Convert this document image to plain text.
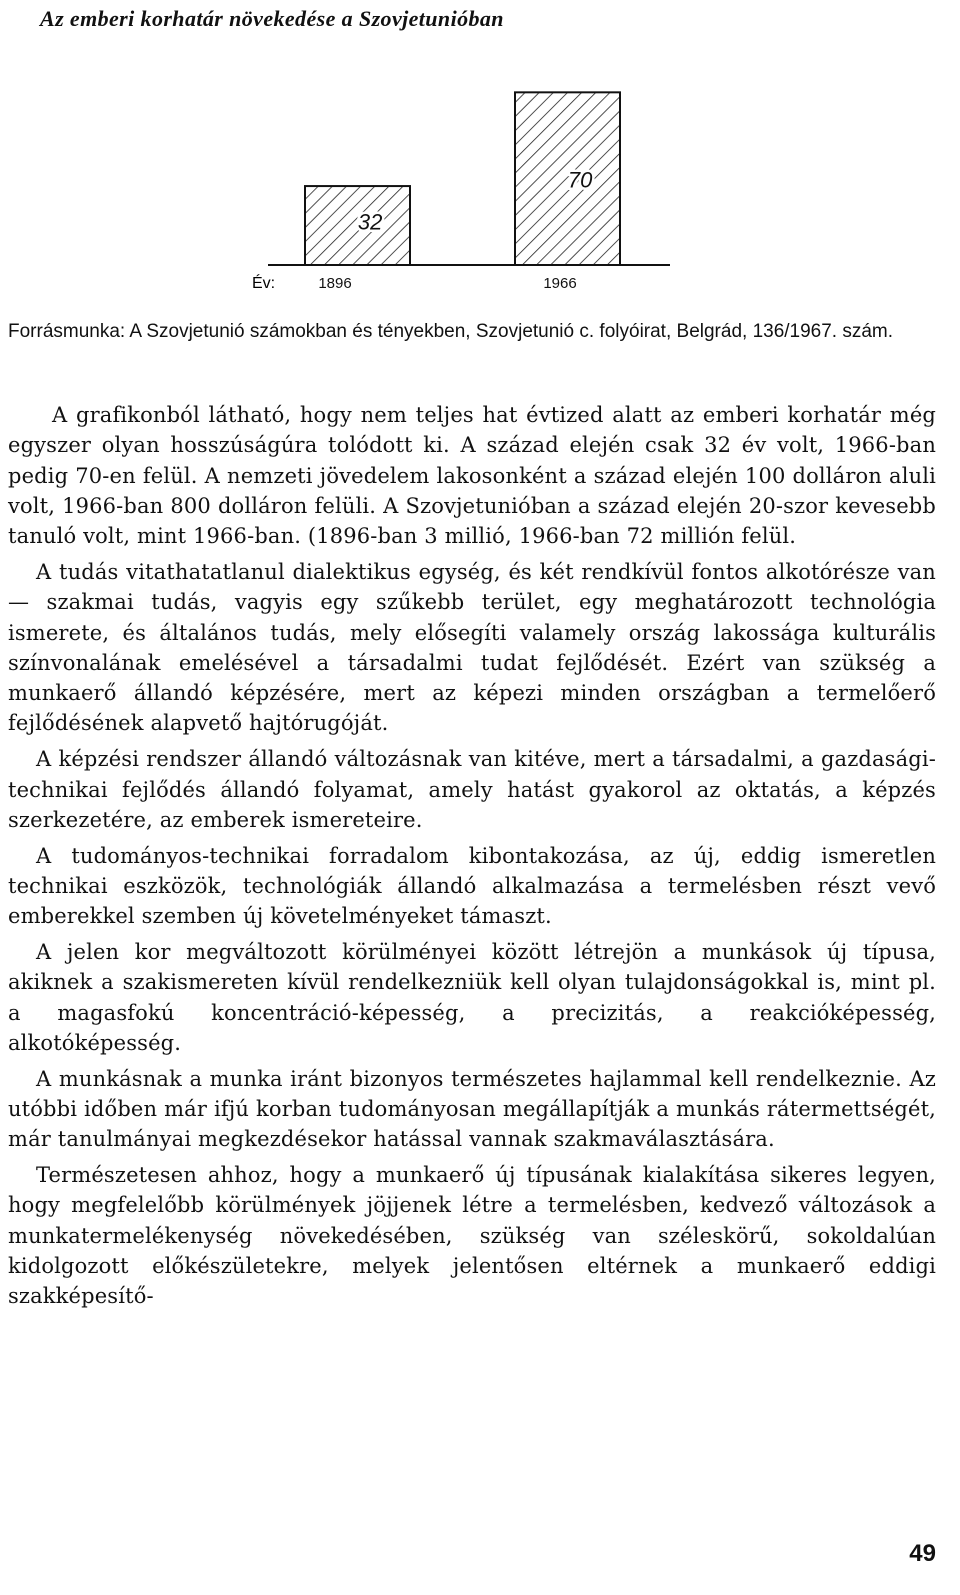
Az emberi korhatár növekedése a Szovjetunióban
Év:
32
1896
70
1966
Forrásmunka: A Szovjetunió számokban és tényekben, Szovjetunió c. folyóirat, Belgrád, 136/1967. szám.

A grafikonból látható, hogy nem teljes hat évtized alatt az emberi korhatár még egyszer olyan hosszúságúra tolódott ki. A század elején csak 32 év volt, 1966-ban pedig 70-en felül. A nemzeti jövedelem lakosonként a század elején 100 dolláron aluli volt, 1966-ban 800 dolláron felüli. A Szovjetunióban a század elején 20-szor kevesebb tanuló volt, mint 1966-ban. (1896-ban 3 millió, 1966-ban 72 millión felül.

A tudás vitathatatlanul dialektikus egység, és két rendkívül fontos alkotórésze van — szakmai tudás, vagyis egy szűkebb terület, egy meghatározott technológia ismerete, és általános tudás, mely elősegíti valamely ország lakossága kulturális színvonalának emelésével a társadalmi tudat fejlődését. Ezért van szükség a munkaerő állandó képzésére, mert az képezi minden országban a termelőerő fejlődésének alapvető hajtórugóját.

A képzési rendszer állandó változásnak van kitéve, mert a társadalmi, a gazdasági-technikai fejlődés állandó folyamat, amely hatást gyakorol az oktatás, a képzés szerkezetére, az emberek ismereteire.

A tudományos-technikai forradalom kibontakozása, az új, eddig ismeretlen technikai eszközök, technológiák állandó alkalmazása a termelésben részt vevő emberekkel szemben új követelményeket támaszt.

A jelen kor megváltozott körülményei között létrejön a munkások új típusa, akiknek a szakismereten kívül rendelkezniük kell olyan tulajdonságokkal is, mint pl. a magasfokú koncentráció-képesség, a precizitás, a reakcióképesség, alkotóképesség.

A munkásnak a munka iránt bizonyos természetes hajlammal kell rendelkeznie. Az utóbbi időben már ifjú korban tudományosan megállapítják a munkás rátermettségét, már tanulmányai megkezdésekor hatással vannak szakmaválasztására.

Természetesen ahhoz, hogy a munkaerő új típusának kialakítása sikeres legyen, hogy megfelelőbb körülmények jöjjenek létre a termelésben, kedvező változások a munkatermelékenység növekedésében, szükség van széleskörű, sokoldalúan kidolgozott előkészületekre, melyek jelentősen eltérnek a munkaerő eddigi szakképesítő-

49
